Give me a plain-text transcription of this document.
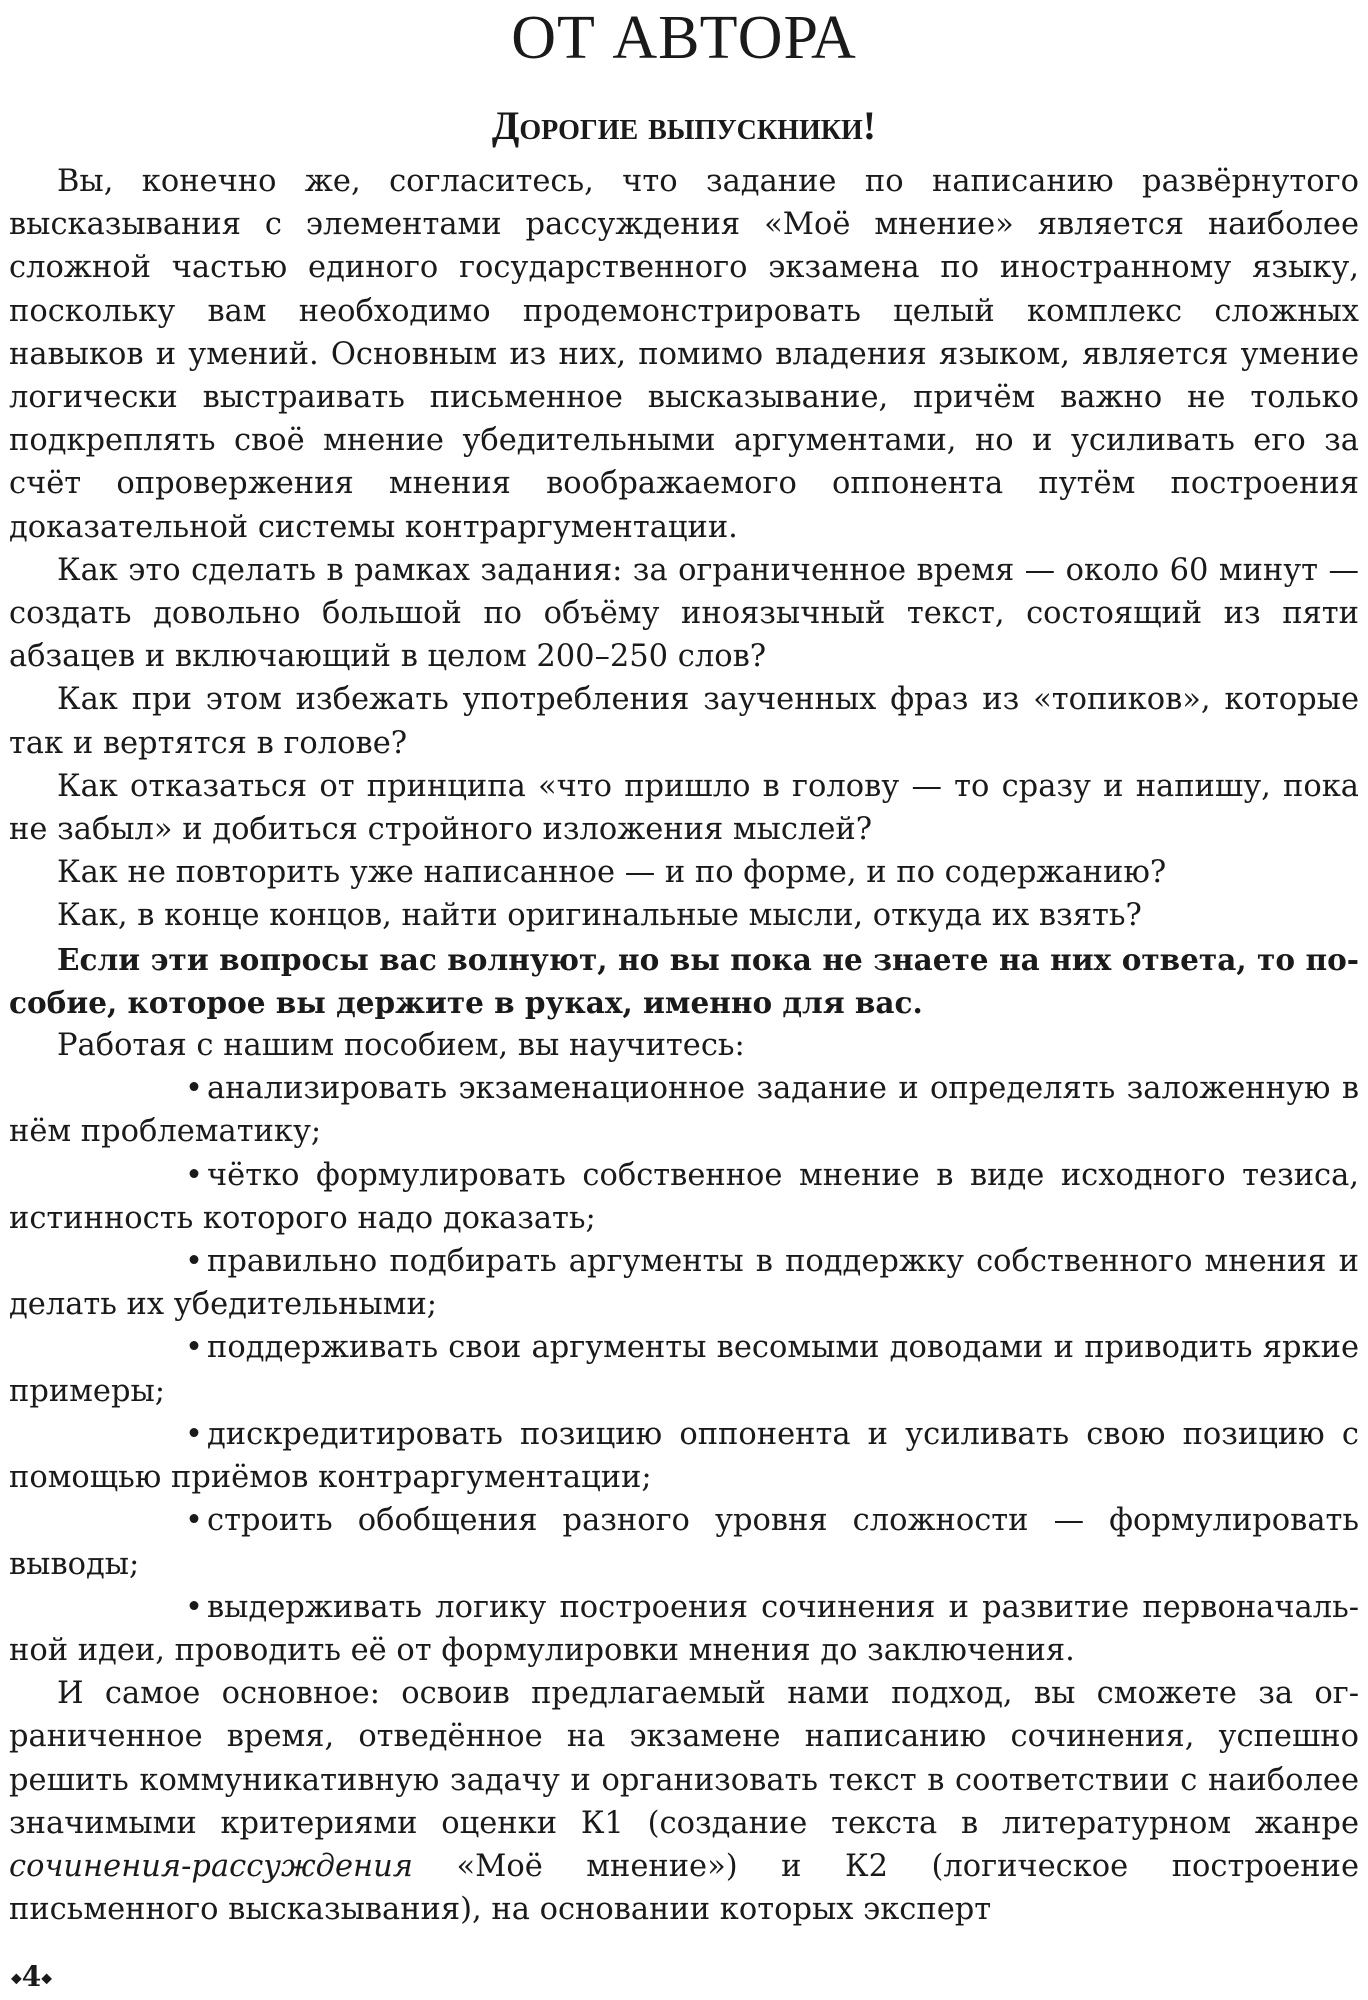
ОТ АВТОРА
Дорогие выпускники!

Вы, конечно же, согласитесь, что задание по написанию развёрнутого высказывания с элементами рассуждения «Моё мнение» является наиболее сложной частью единого государственного экзамена по иностранному языку, поскольку вам необходимо продемонстрировать целый комплекс сложных навыков и умений. Основным из них, помимо владения языком, является умение логически выстраивать письменное высказывание, причём важно не только подкреплять своё мнение убедительными аргументами, но и усиливать его за счёт опровержения мнения воображаемого оппонента путём построения доказательной системы контраргументации.

Как это сделать в рамках задания: за ограниченное время — около 60 минут — создать довольно большой по объёму иноязычный текст, состоящий из пяти абзацев и включающий в целом 200–250 слов?

Как при этом избежать употребления заученных фраз из «топиков», которые так и вертятся в голове?

Как отказаться от принципа «что пришло в голову — то сразу и напишу, пока не забыл» и добиться стройного изложения мыслей?

Как не повторить уже написанное — и по форме, и по содержанию?

Как, в конце концов, найти оригинальные мысли, откуда их взять?

Если эти вопросы вас волнуют, но вы пока не знаете на них ответа, то пособие, которое вы держите в руках, именно для вас.

Работая с нашим пособием, вы научитесь:

• анализировать экзаменационное задание и определять заложенную в нём проблематику;

• чётко формулировать собственное мнение в виде исходного тезиса, истинность которого надо доказать;

• правильно подбирать аргументы в поддержку собственного мнения и делать их убедительными;

• поддерживать свои аргументы весомыми доводами и приводить яркие примеры;

• дискредитировать позицию оппонента и усиливать свою позицию с помощью приёмов контраргументации;

• строить обобщения разного уровня сложности — формулировать выводы;

• выдерживать логику построения сочинения и развитие первоначальной идеи, проводить её от формулировки мнения до заключения.

И самое основное: освоив предлагаемый нами подход, вы сможете за ограниченное время, отведённое на экзамене написанию сочинения, успешно решить коммуникативную задачу и организовать текст в соответствии с наиболее значимыми критериями оценки К1 (создание текста в литературном жанре сочинения-рассуждения «Моё мнение») и К2 (логическое построение письменного высказывания), на основании которых эксперт

◆4◆
